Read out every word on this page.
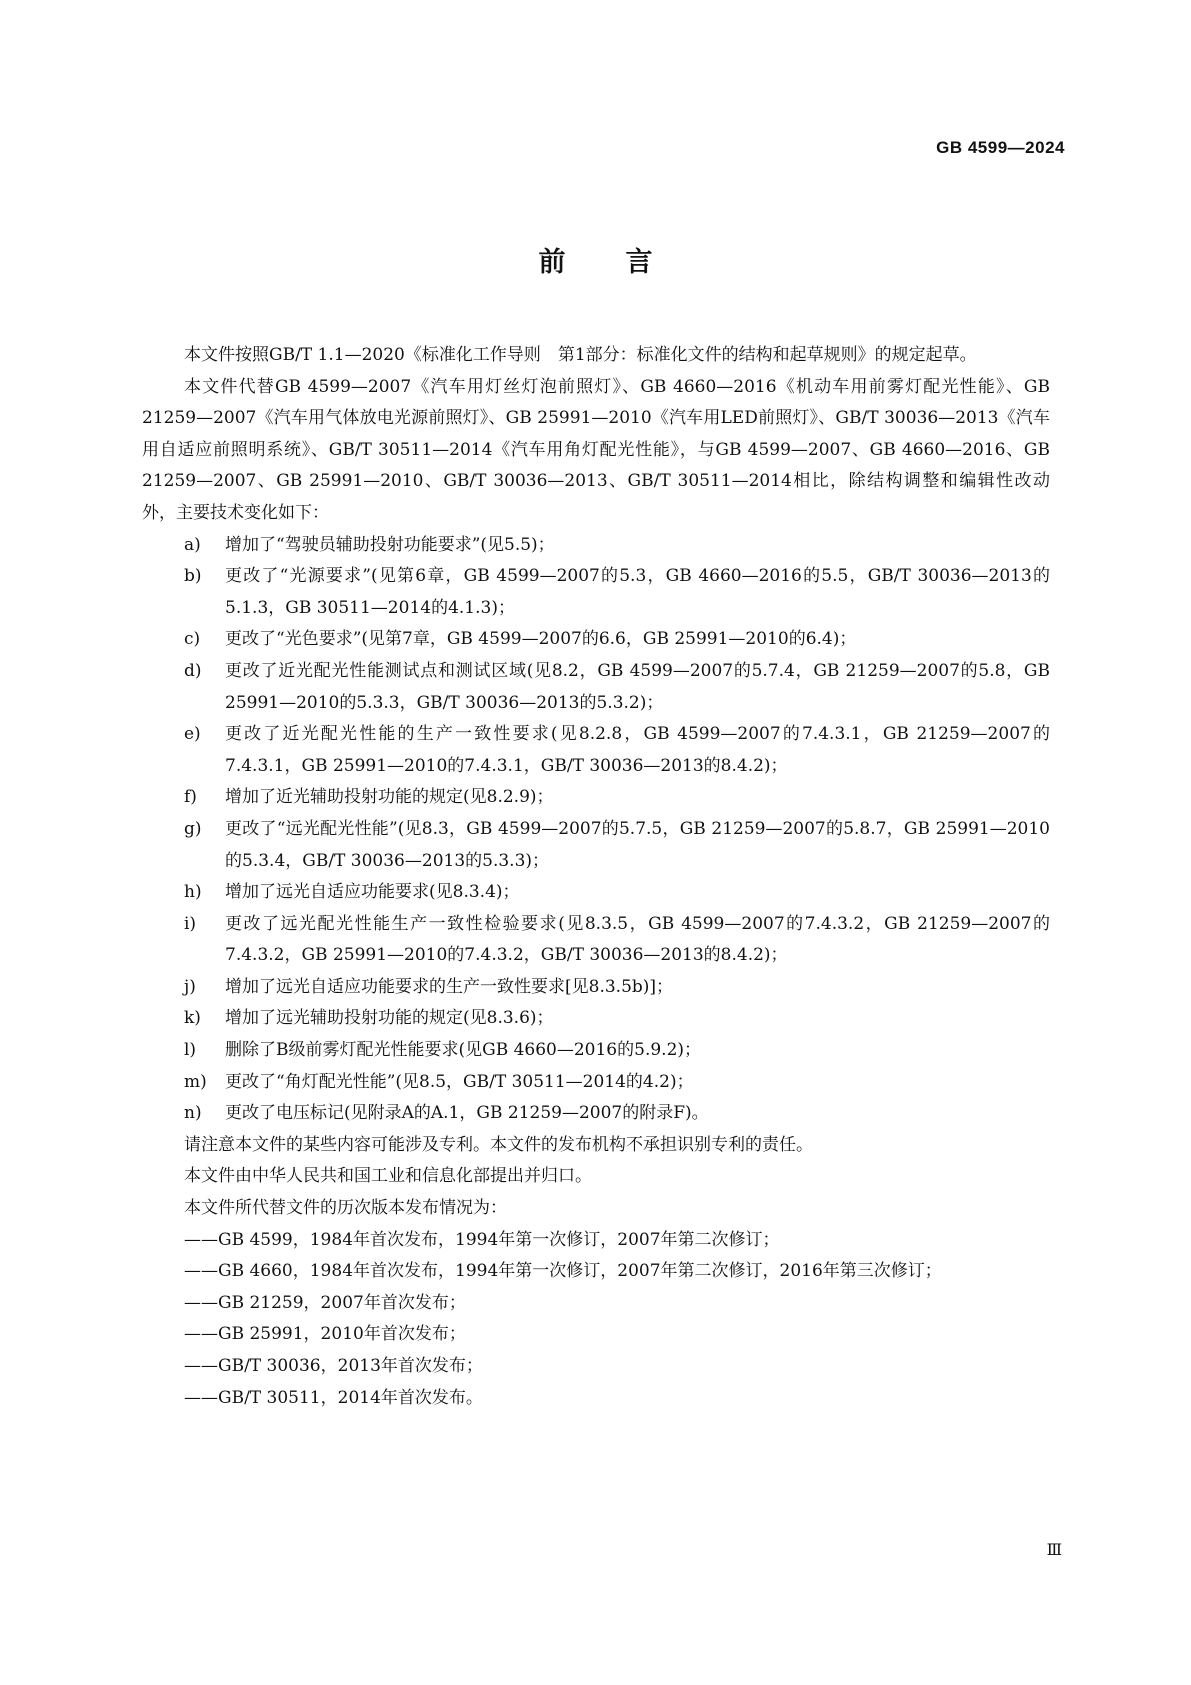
GB 4599—2024
前言

本文件按照GB/T 1.1—2020《标准化工作导则　第1部分：标准化文件的结构和起草规则》的规定起草。

本文件代替GB 4599—2007《汽车用灯丝灯泡前照灯》、GB 4660—2016《机动车用前雾灯配光性能》、GB 21259—2007《汽车用气体放电光源前照灯》、GB 25991—2010《汽车用LED前照灯》、GB/T 30036—2013《汽车用自适应前照明系统》、GB/T 30511—2014《汽车用角灯配光性能》，与GB 4599—2007、GB 4660—2016、GB 21259—2007、GB 25991—2010、GB/T 30036—2013、GB/T 30511—2014相比，除结构调整和编辑性改动外，主要技术变化如下：

a) 增加了“驾驶员辅助投射功能要求”(见5.5)；

b) 更改了“光源要求”(见第6章，GB 4599—2007的5.3，GB 4660—2016的5.5，GB/T 30036—2013的5.1.3，GB 30511—2014的4.1.3)；

c) 更改了“光色要求”(见第7章，GB 4599—2007的6.6，GB 25991—2010的6.4)；

d) 更改了近光配光性能测试点和测试区域(见8.2，GB 4599—2007的5.7.4，GB 21259—2007的5.8，GB 25991—2010的5.3.3，GB/T 30036—2013的5.3.2)；

e) 更改了近光配光性能的生产一致性要求(见8.2.8，GB 4599—2007的7.4.3.1，GB 21259—2007的7.4.3.1，GB 25991—2010的7.4.3.1，GB/T 30036—2013的8.4.2)；

f) 增加了近光辅助投射功能的规定(见8.2.9)；

g) 更改了“远光配光性能”(见8.3，GB 4599—2007的5.7.5，GB 21259—2007的5.8.7，GB 25991—2010的5.3.4，GB/T 30036—2013的5.3.3)；

h) 增加了远光自适应功能要求(见8.3.4)；

i) 更改了远光配光性能生产一致性检验要求(见8.3.5，GB 4599—2007的7.4.3.2，GB 21259—2007的7.4.3.2，GB 25991—2010的7.4.3.2，GB/T 30036—2013的8.4.2)；

j) 增加了远光自适应功能要求的生产一致性要求[见8.3.5b)]；

k) 增加了远光辅助投射功能的规定(见8.3.6)；

l) 删除了B级前雾灯配光性能要求(见GB 4660—2016的5.9.2)；

m) 更改了“角灯配光性能”(见8.5，GB/T 30511—2014的4.2)；

n) 更改了电压标记(见附录A的A.1，GB 21259—2007的附录F)。

请注意本文件的某些内容可能涉及专利。本文件的发布机构不承担识别专利的责任。

本文件由中华人民共和国工业和信息化部提出并归口。

本文件所代替文件的历次版本发布情况为：

——GB 4599，1984年首次发布，1994年第一次修订，2007年第二次修订；

——GB 4660，1984年首次发布，1994年第一次修订，2007年第二次修订，2016年第三次修订；

——GB 21259，2007年首次发布；

——GB 25991，2010年首次发布；

——GB/T 30036，2013年首次发布；

——GB/T 30511，2014年首次发布。

Ⅲ
